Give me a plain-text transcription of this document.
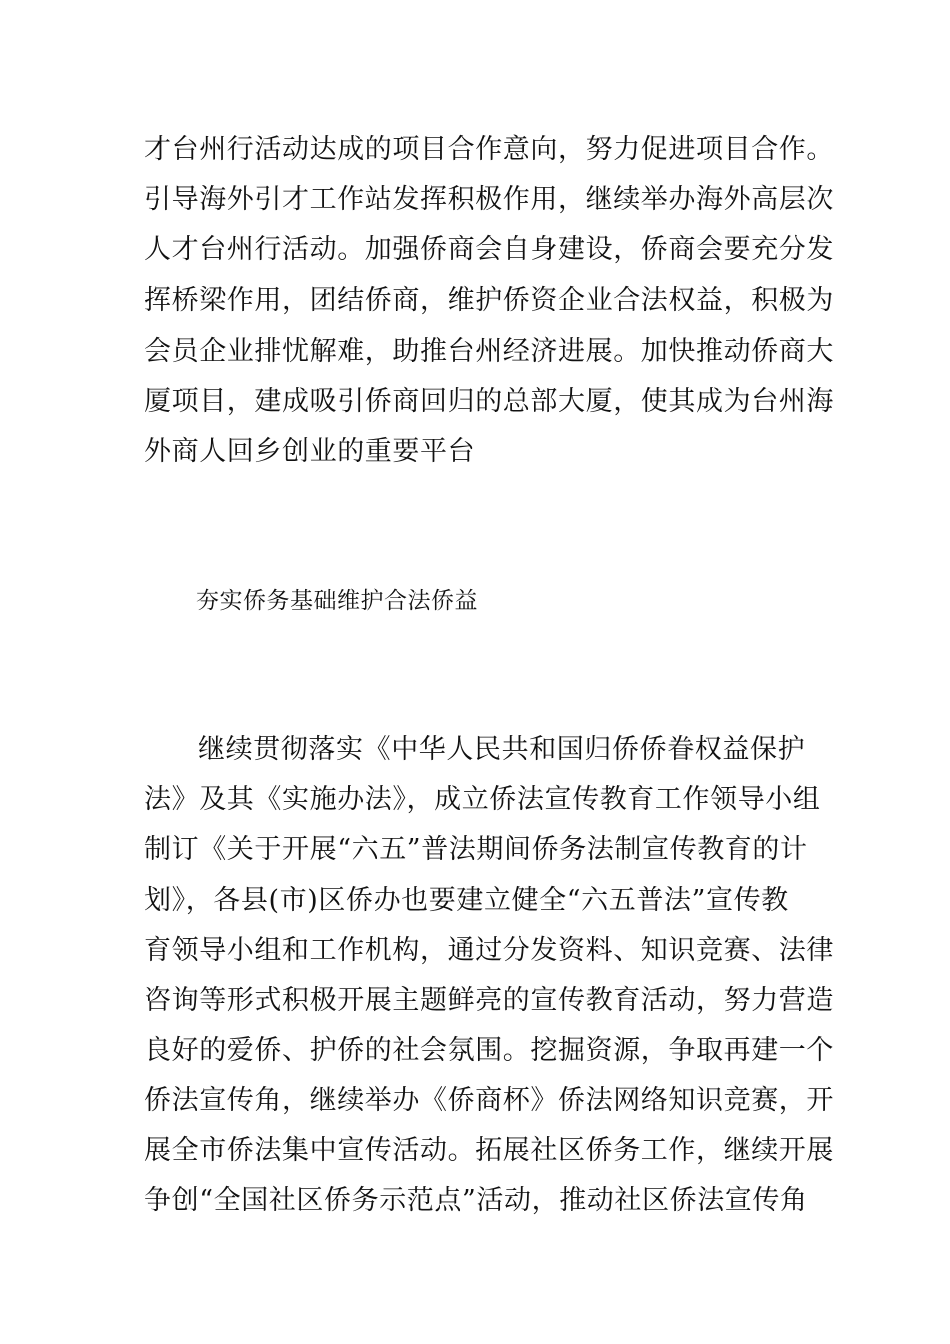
才台州行活动达成的项目合作意向，努力促进项目合作。
引导海外引才工作站发挥积极作用，继续举办海外高层次
人才台州行活动。加强侨商会自身建设，侨商会要充分发
挥桥梁作用，团结侨商，维护侨资企业合法权益，积极为
会员企业排忧解难，助推台州经济进展。加快推动侨商大
厦项目，建成吸引侨商回归的总部大厦，使其成为台州海
外商人回乡创业的重要平台
夯实侨务基础维护合法侨益
继续贯彻落实《中华人民共和国归侨侨眷权益保护
法》及其《实施办法》，成立侨法宣传教育工作领导小组
制订《关于开展“六五”普法期间侨务法制宣传教育的计
划》，各县(市)区侨办也要建立健全“六五普法”宣传教
育领导小组和工作机构，通过分发资料、知识竞赛、法律
咨询等形式积极开展主题鲜亮的宣传教育活动，努力营造
良好的爱侨、护侨的社会氛围。挖掘资源，争取再建一个
侨法宣传角，继续举办《侨商杯》侨法网络知识竞赛，开
展全市侨法集中宣传活动。拓展社区侨务工作，继续开展
争创“全国社区侨务示范点”活动，推动社区侨法宣传角
